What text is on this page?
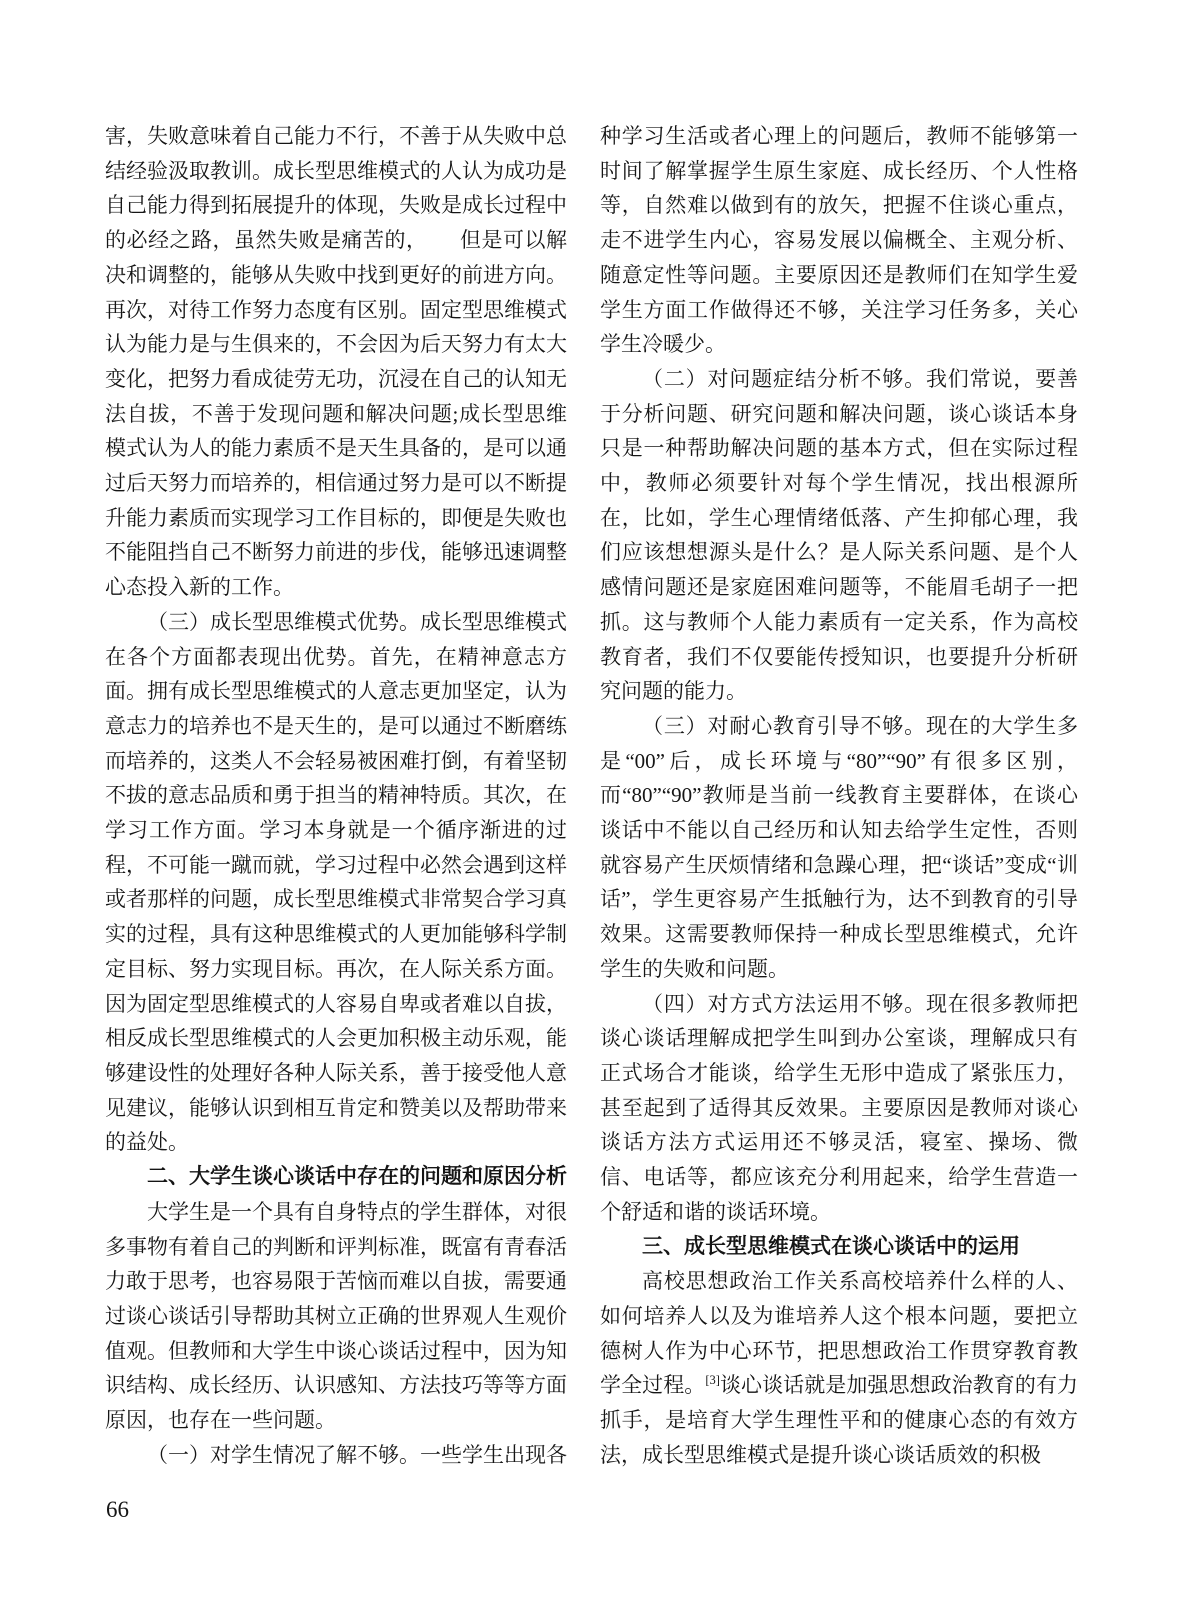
害，失败意味着自己能力不行，不善于从失败中总结经验汲取教训。成长型思维模式的人认为成功是自己能力得到拓展提升的体现，失败是成长过程中的必经之路，虽然失败是痛苦的，　　但是可以解决和调整的，能够从失败中找到更好的前进方向。再次，对待工作努力态度有区别。固定型思维模式认为能力是与生俱来的，不会因为后天努力有太大变化，把努力看成徒劳无功，沉浸在自己的认知无法自拔，不善于发现问题和解决问题;成长型思维模式认为人的能力素质不是天生具备的，是可以通过后天努力而培养的，相信通过努力是可以不断提升能力素质而实现学习工作目标的，即便是失败也不能阻挡自己不断努力前进的步伐，能够迅速调整心态投入新的工作。

（三）成长型思维模式优势。成长型思维模式在各个方面都表现出优势。首先，在精神意志方面。拥有成长型思维模式的人意志更加坚定，认为意志力的培养也不是天生的，是可以通过不断磨练而培养的，这类人不会轻易被困难打倒，有着坚韧不拔的意志品质和勇于担当的精神特质。其次，在学习工作方面。学习本身就是一个循序渐进的过程，不可能一蹴而就，学习过程中必然会遇到这样或者那样的问题，成长型思维模式非常契合学习真实的过程，具有这种思维模式的人更加能够科学制定目标、努力实现目标。再次，在人际关系方面。因为固定型思维模式的人容易自卑或者难以自拔，相反成长型思维模式的人会更加积极主动乐观，能够建设性的处理好各种人际关系，善于接受他人意见建议，能够认识到相互肯定和赞美以及帮助带来的益处。

二、大学生谈心谈话中存在的问题和原因分析

大学生是一个具有自身特点的学生群体，对很多事物有着自己的判断和评判标准，既富有青春活力敢于思考，也容易限于苦恼而难以自拔，需要通过谈心谈话引导帮助其树立正确的世界观人生观价值观。但教师和大学生中谈心谈话过程中，因为知识结构、成长经历、认识感知、方法技巧等等方面原因，也存在一些问题。

（一）对学生情况了解不够。一些学生出现各

种学习生活或者心理上的问题后，教师不能够第一时间了解掌握学生原生家庭、成长经历、个人性格等，自然难以做到有的放矢，把握不住谈心重点，走不进学生内心，容易发展以偏概全、主观分析、随意定性等问题。主要原因还是教师们在知学生爱学生方面工作做得还不够，关注学习任务多，关心学生冷暖少。

（二）对问题症结分析不够。我们常说，要善于分析问题、研究问题和解决问题，谈心谈话本身只是一种帮助解决问题的基本方式，但在实际过程中，教师必须要针对每个学生情况，找出根源所在，比如，学生心理情绪低落、产生抑郁心理，我们应该想想源头是什么？是人际关系问题、是个人感情问题还是家庭困难问题等，不能眉毛胡子一把抓。这与教师个人能力素质有一定关系，作为高校教育者，我们不仅要能传授知识，也要提升分析研究问题的能力。

（三）对耐心教育引导不够。现在的大学生多是“00”后，成长环境与“80”“90”有很多区别，而“80”“90”教师是当前一线教育主要群体，在谈心谈话中不能以自己经历和认知去给学生定性，否则就容易产生厌烦情绪和急躁心理，把“谈话”变成“训话”，学生更容易产生抵触行为，达不到教育的引导效果。这需要教师保持一种成长型思维模式，允许学生的失败和问题。

（四）对方式方法运用不够。现在很多教师把谈心谈话理解成把学生叫到办公室谈，理解成只有正式场合才能谈，给学生无形中造成了紧张压力，甚至起到了适得其反效果。主要原因是教师对谈心谈话方法方式运用还不够灵活，寝室、操场、微信、电话等，都应该充分利用起来，给学生营造一个舒适和谐的谈话环境。

三、成长型思维模式在谈心谈话中的运用

高校思想政治工作关系高校培养什么样的人、如何培养人以及为谁培养人这个根本问题，要把立德树人作为中心环节，把思想政治工作贯穿教育教学全过程。[3]谈心谈话就是加强思想政治教育的有力抓手，是培育大学生理性平和的健康心态的有效方法，成长型思维模式是提升谈心谈话质效的积极

66
